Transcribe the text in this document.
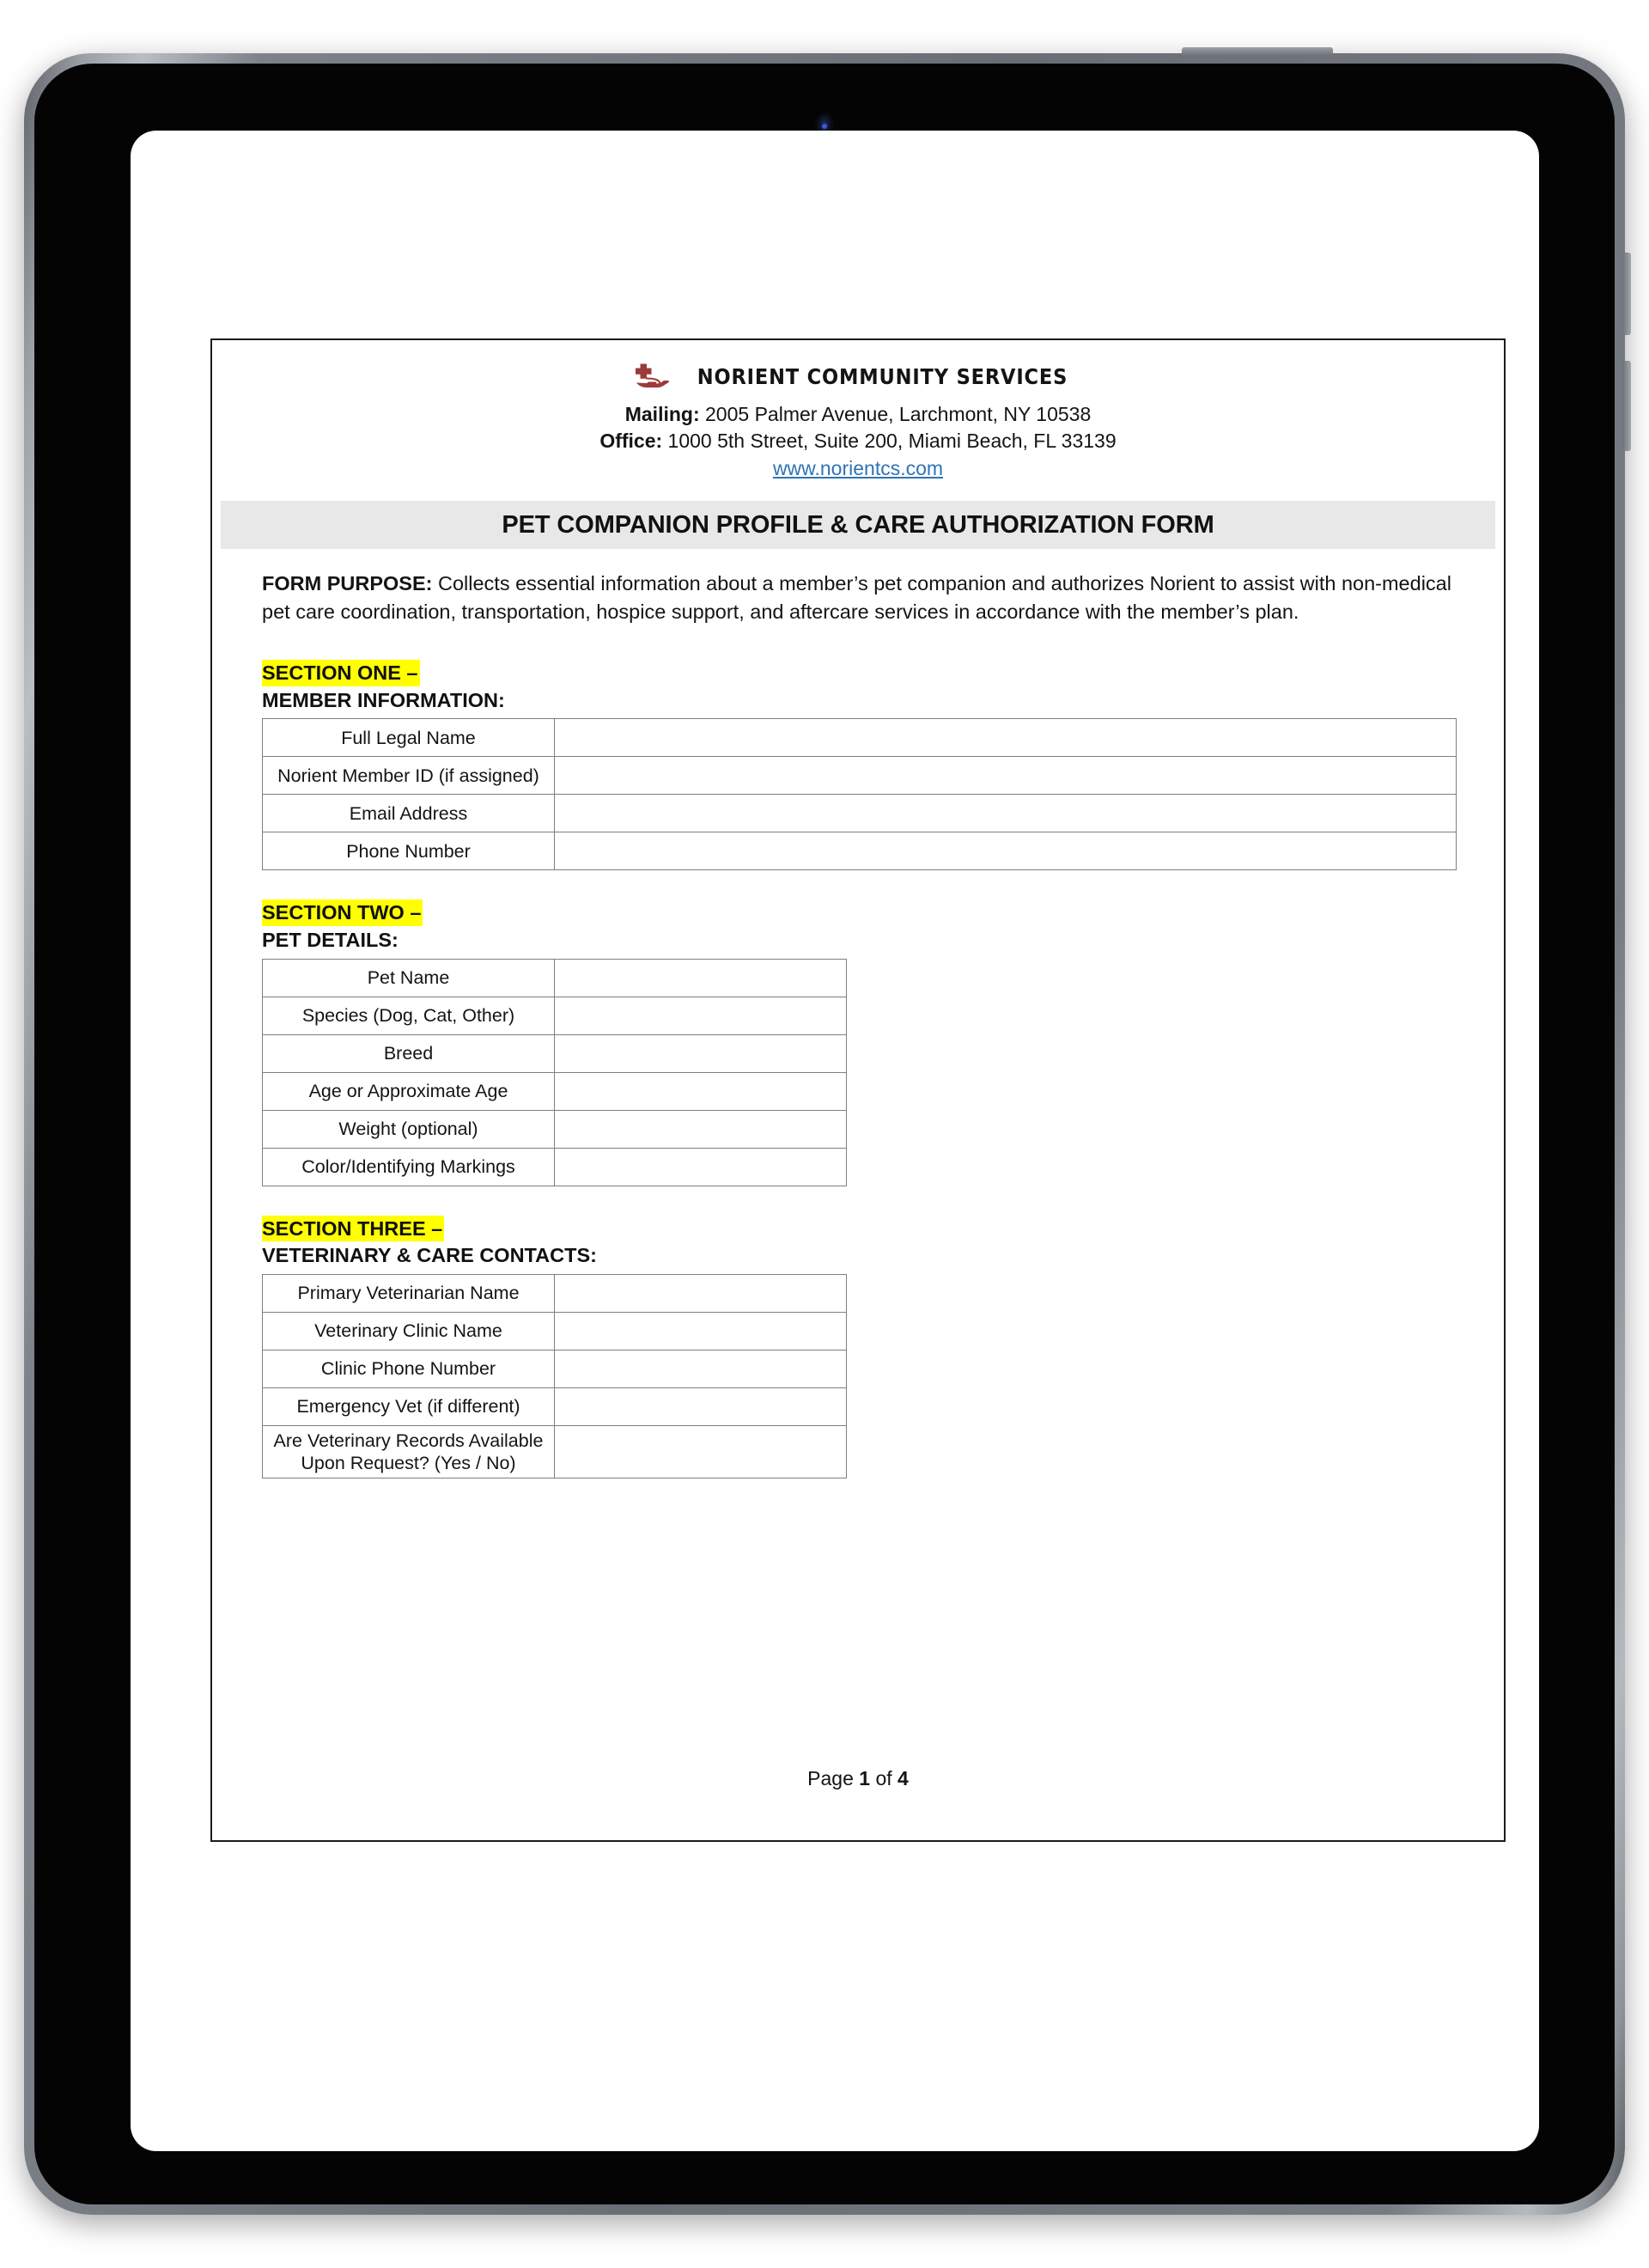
NORIENT COMMUNITY SERVICES
Mailing: 2005 Palmer Avenue, Larchmont, NY 10538
Office: 1000 5th Street, Suite 200, Miami Beach, FL 33139
www.norientcs.com
PET COMPANION PROFILE & CARE AUTHORIZATION FORM

FORM PURPOSE: Collects essential information about a member’s pet companion and authorizes Norient to assist with non-medical pet care coordination, transportation, hospice support, and aftercare services in accordance with the member’s plan.

SECTION ONE –
MEMBER INFORMATION:
Full Legal Name	
Norient Member ID (if assigned)	
Email Address	
Phone Number	
SECTION TWO –
PET DETAILS:
Pet Name	
Species (Dog, Cat, Other)	
Breed	
Age or Approximate Age	
Weight (optional)	
Color/Identifying Markings	
SECTION THREE –
VETERINARY & CARE CONTACTS:
Primary Veterinarian Name	
Veterinary Clinic Name	
Clinic Phone Number	
Emergency Vet (if different)	
Are Veterinary Records Available Upon Request? (Yes / No)	
Page 1 of 4
